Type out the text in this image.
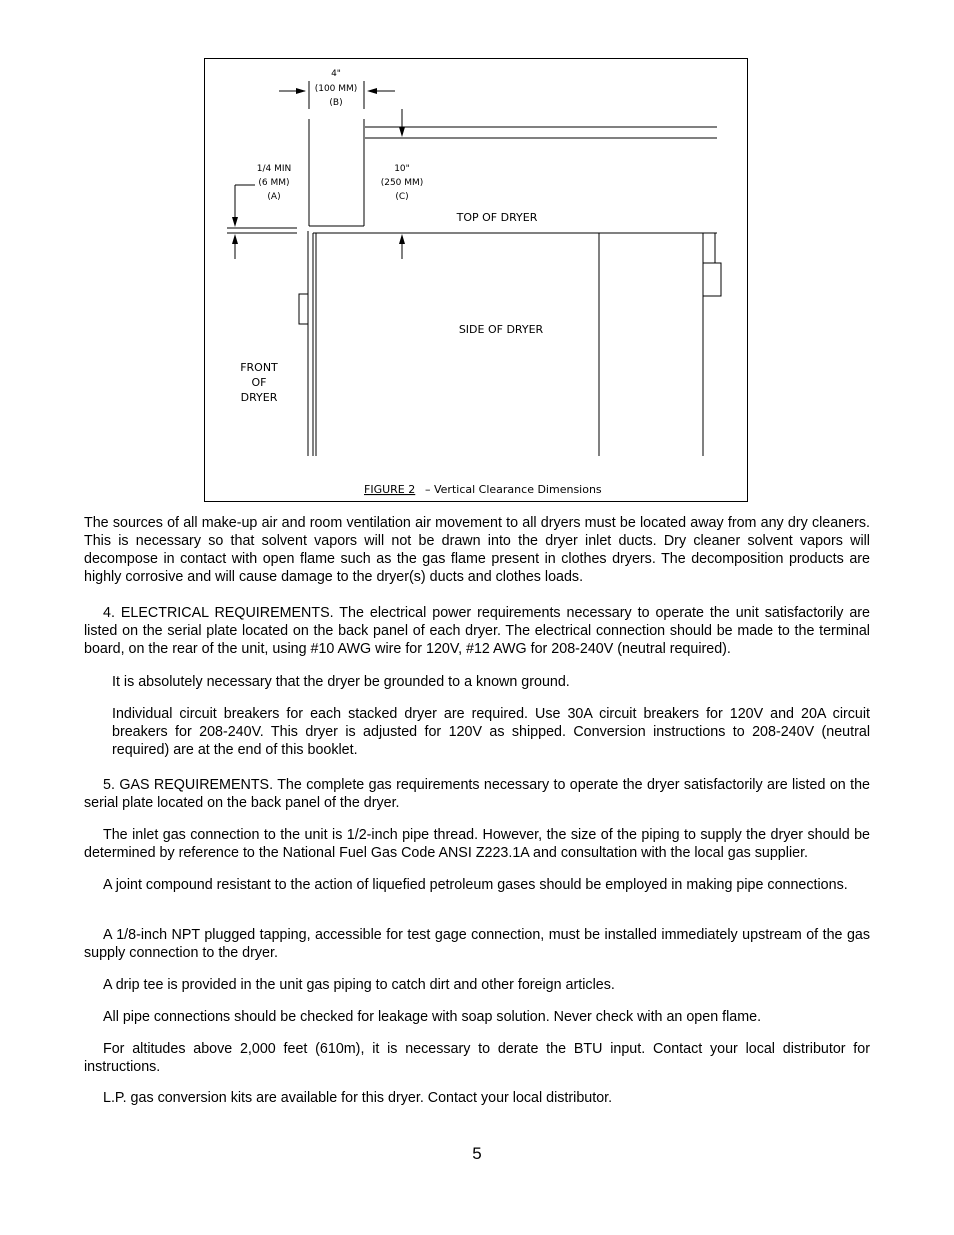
4"
(100 MM)
(B)
1/4 MIN
(6 MM)
(A)
10"
(250 MM)
(C)
TOP OF DRYER
SIDE OF DRYER
FRONT
OF
DRYER
FIGURE 2 – Vertical Clearance Dimensions

The sources of all make-up air and room ventilation air movement to all dryers must be located away from any dry cleaners. This is necessary so that solvent vapors will not be drawn into the dryer inlet ducts. Dry cleaner solvent vapors will decompose in contact with open flame such as the gas flame present in clothes dryers. The decomposition products are highly corrosive and will cause damage to the dryer(s) ducts and clothes loads.

4. ELECTRICAL REQUIREMENTS. The electrical power requirements necessary to operate the unit satisfactorily are listed on the serial plate located on the back panel of each dryer. The electrical connection should be made to the terminal board, on the rear of the unit, using #10 AWG wire for 120V, #12 AWG for 208-240V (neutral required).

It is absolutely necessary that the dryer be grounded to a known ground.

Individual circuit breakers for each stacked dryer are required. Use 30A circuit breakers for 120V and 20A circuit breakers for 208-240V. This dryer is adjusted for 120V as shipped. Conversion instructions to 208-240V (neutral required) are at the end of this booklet.

5. GAS REQUIREMENTS. The complete gas requirements necessary to operate the dryer satisfactorily are listed on the serial plate located on the back panel of the dryer.

The inlet gas connection to the unit is 1/2-inch pipe thread. However, the size of the piping to supply the dryer should be determined by reference to the National Fuel Gas Code ANSI Z223.1A and consultation with the local gas supplier.

A joint compound resistant to the action of liquefied petroleum gases should be employed in making pipe connections.

A 1/8-inch NPT plugged tapping, accessible for test gage connection, must be installed immediately upstream of the gas supply connection to the dryer.

A drip tee is provided in the unit gas piping to catch dirt and other foreign articles.

All pipe connections should be checked for leakage with soap solution. Never check with an open flame.

For altitudes above 2,000 feet (610m), it is necessary to derate the BTU input. Contact your local distributor for instructions.

L.P. gas conversion kits are available for this dryer. Contact your local distributor.

5
